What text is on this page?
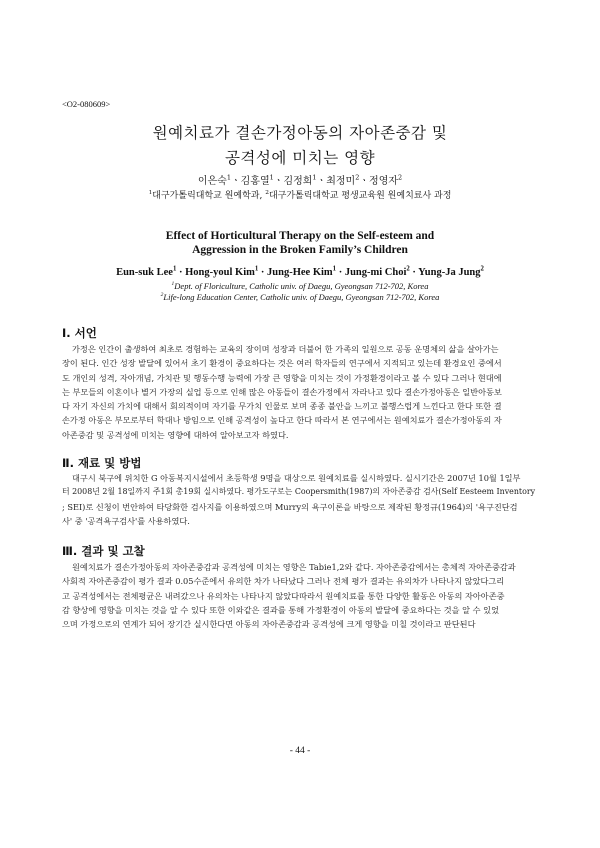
<O2-080609>
원예치료가 결손가정아동의 자아존중감 및
공격성에 미치는 영향
이은숙$^1$ㆍ김홍열$^1$ㆍ김정희$^1$ㆍ최정미$^2$ㆍ정영자$^2$
$^1$대구가톨릭대학교 원예학과, $^2$대구가톨릭대학교 평생교육원 원예치료사 과정
Effect of Horticultural Therapy on the Self-esteem and
Aggression in the Broken Family’s Children
Eun-suk Lee$^1$ · Hong-youl Kim$^1$ · Jung-Hee Kim$^1$ · Jung-mi Choi$^2$ · Yung-Ja Jung$^2$
$^1$Dept. of Floriculture, Catholic univ. of Daegu, Gyeongsan 712-702, Korea
$^2$Life-long Education Center, Catholic univ. of Daegu, Gyeongsan 712-702, Korea
Ⅰ. 서언
가정은 인간이 출생하여 최초로 경험하는 교육의 장이며 성장과 더불어 한 가족의 일원으로 공동 운명체의 삶을 살아가는
장이 된다. 인간 성장 발달에 있어서 초기 환경이 중요하다는 것은 여러 학자들의 연구에서 지적되고 있는데 환경요인 중에서
도 개인의 성격, 자아개념, 가치관 및 행동수행 능력에 가장 큰 영향을 미치는 것이 가정환경이라고 볼 수 있다 그러나 현대에
는 부모들의 이혼이나 별거 가장의 실업 등으로 인해 많은 아동들이 결손가정에서 자라나고 있다 결손가정아동은 일반아동보
다 자기 자신의 가치에 대해서 회의적이며 자기를 무가치 인물로 보며 종종 불안을 느끼고 불행스럽게 느낀다고 한다 또한 결
손가정 아동은 부모로부터 학대나 방임으로 인해 공격성이 높다고 한다 따라서 본 연구에서는 원예치료가 결손가정아동의 자
아존중감 및 공격성에 미치는 영향에 대하여 알아보고자 하였다.
Ⅱ. 재료 및 방법
대구시 북구에 위치한 G 아동복지시설에서 초등학생 9명을 대상으로 원예치료를 실시하였다. 실시기간은 2007년 10월 1일부
터 2008년 2월 18일까지 주1회 총19회 실시하였다. 평가도구로는 Coopersmith(1987)의 자아존중감 검사(Self Eesteem Inventory
; SEI)로 신청이 번안하여 타당화한 검사지를 이용하였으며 Murry의 욕구이론을 바탕으로 제작된 황정규(1964)의 '욕구진단검
사' 중 '공격욕구검사'를 사용하였다.
Ⅲ. 결과 및 고찰
원예치료가 결손가정아동의 자아존중감과 공격성에 미치는 영향은 Tabie1,2와 같다. 자아존중감에서는 총체적 자아존중감과
사회적 자아존중감이 평가 결과 0.05수준에서 유의한 차가 나타났다 그러나 전체 평가 결과는 유의차가 나타나지 않았다그리
고 공격성에서는 전체평균은 내려갔으나 유의차는 나타나지 않았다따라서 원예치료를 통한 다양한 활동은 아동의 자아아존중
감 향상에 영향을 미치는 것을 알 수 있다 또한 이와같은 결과를 통해 가정환경이 아동의 발달에 중요하다는 것을 알 수 있었
으며 가정으로의 연계가 되어 장기간 실시한다면 아동의 자아존중감과 공격성에 크게 영향을 미칠 것이라고 판단된다
- 44 -
